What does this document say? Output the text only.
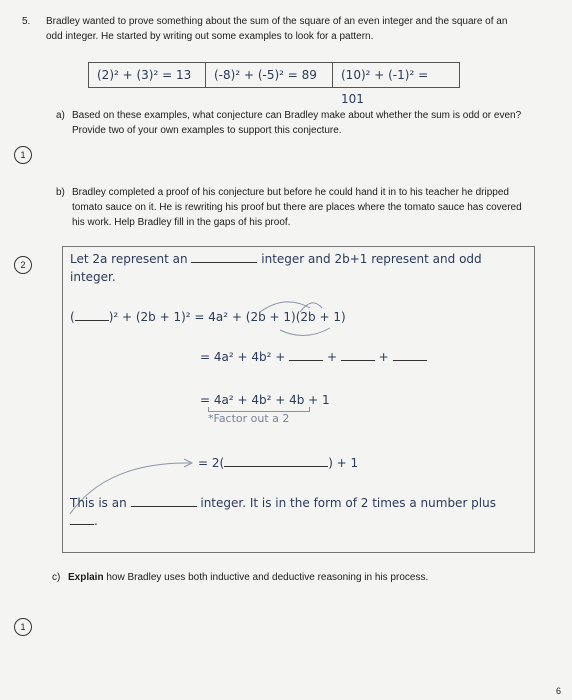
5. Bradley wanted to prove something about the sum of the square of an even integer and the square of an
odd integer. He started by writing out some examples to look for a pattern.
(2)² + (3)² = 13	(-8)² + (-5)² = 89	(10)² + (-1)² = 101
a) Based on these examples, what conjecture can Bradley make about whether the sum is odd or even?
Provide two of your own examples to support this conjecture.
1
b) Bradley completed a proof of his conjecture but before he could hand it in to his teacher he dripped
tomato sauce on it. He is rewriting his proof but there are places where the tomato sauce has covered
his work. Help Bradley fill in the gaps of his proof.
2	Let 2a represent an	integer and 2b+1 represent and odd
integer.
(	)² + (2b + 1)² = 4a² + (2b + 1)(2b + 1)
= 4a² + 4b² +	+	+
= 4a² + 4b² + 4b + 1
*Factor out a 2
= 2(	) + 1
This is an	integer. It is in the form of 2 times a number plus
.
c) Explain how Bradley uses both inductive and deductive reasoning in his process.
1
6
